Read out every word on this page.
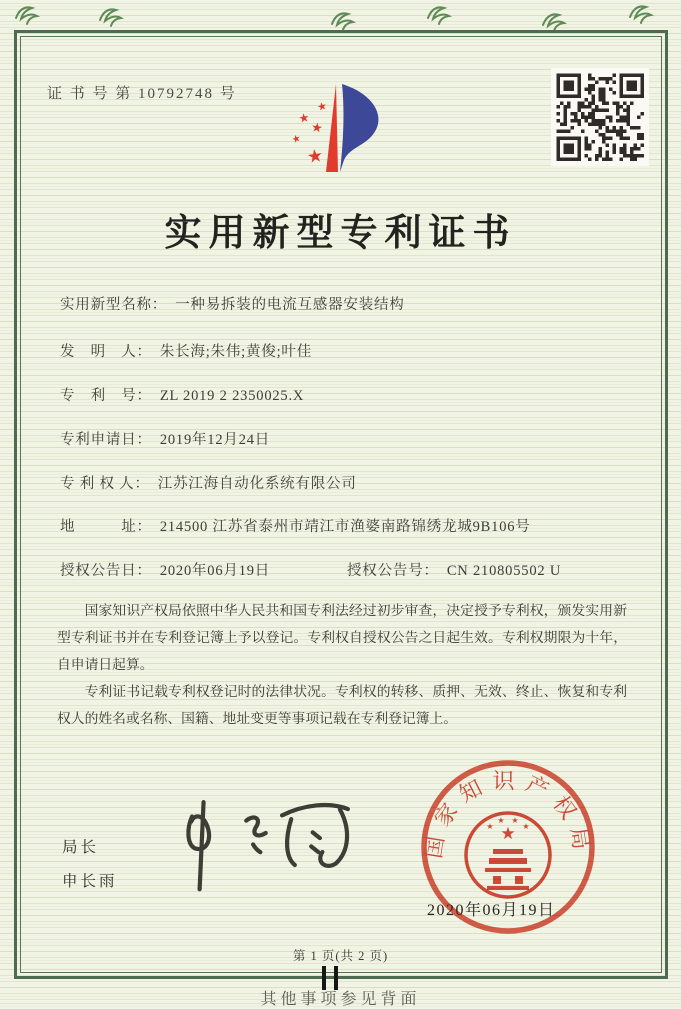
证 书 号 第 10792748 号
★
★
★
★
★
实用新型专利证书
实用新型名称： 一种易拆装的电流互感器安装结构
发　明　人： 朱长海;朱伟;黄俊;叶佳
专　利　号： ZL 2019 2 2350025.X
专利申请日： 2019年12月24日
专 利 权 人： 江苏江海自动化系统有限公司
地　　　址： 214500 江苏省泰州市靖江市渔婆南路锦绣龙城9B106号
授权公告日： 2020年06月19日	授权公告号： CN 210805502 U

国家知识产权局依照中华人民共和国专利法经过初步审查，决定授予专利权，颁发实用新型专利证书并在专利登记簿上予以登记。专利权自授权公告之日起生效。专利权期限为十年，自申请日起算。

专利证书记载专利权登记时的法律状况。专利权的转移、质押、无效、终止、恢复和专利权人的姓名或名称、国籍、地址变更等事项记载在专利登记簿上。

局长
申长雨
国家知识产权局
★
★
★ ★
★
2020年06月19日
第 1 页(共 2 页)
其他事项参见背面
